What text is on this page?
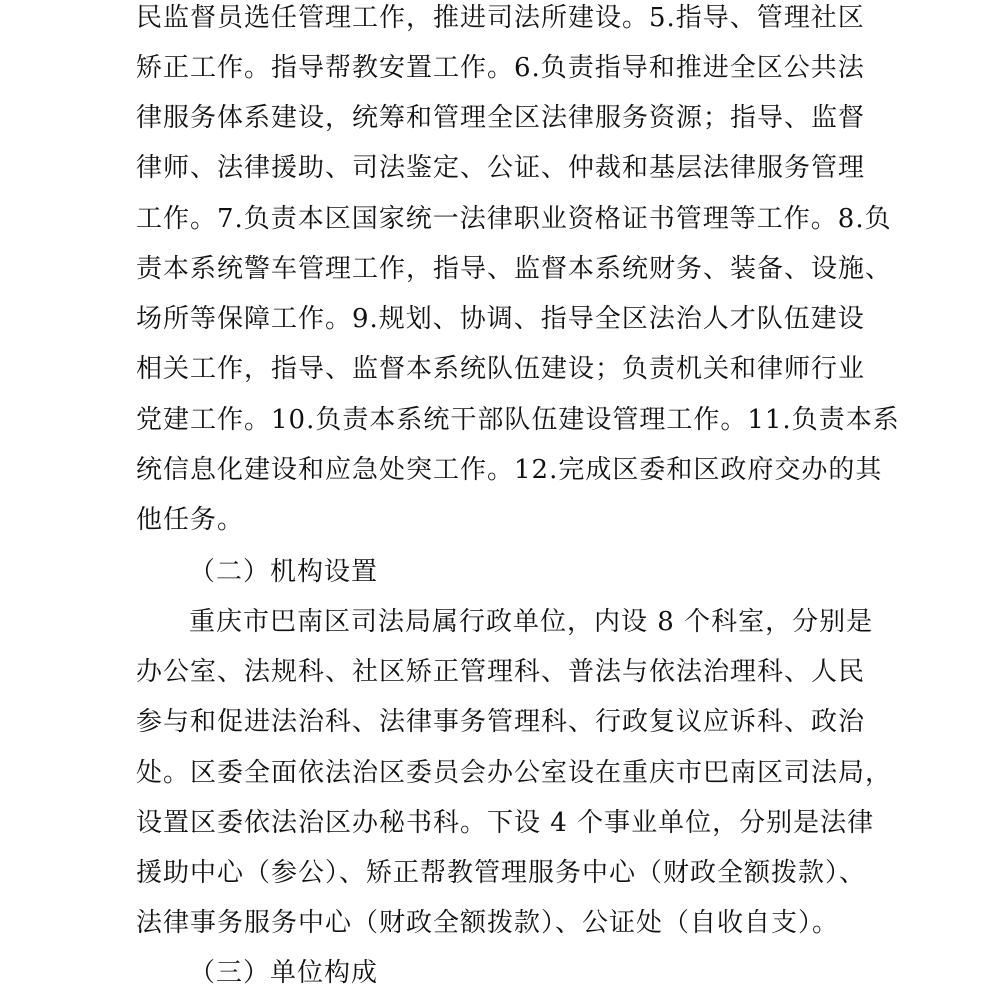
民监督员选任管理工作，推进司法所建设。5.指导、管理社区
矫正工作。指导帮教安置工作。6.负责指导和推进全区公共法
律服务体系建设，统筹和管理全区法律服务资源；指导、监督
律师、法律援助、司法鉴定、公证、仲裁和基层法律服务管理
工作。7.负责本区国家统一法律职业资格证书管理等工作。8.负
责本系统警车管理工作，指导、监督本系统财务、装备、设施、
场所等保障工作。9.规划、协调、指导全区法治人才队伍建设
相关工作，指导、监督本系统队伍建设；负责机关和律师行业
党建工作。10.负责本系统干部队伍建设管理工作。11.负责本系
统信息化建设和应急处突工作。12.完成区委和区政府交办的其
他任务。
（二）机构设置
重庆市巴南区司法局属行政单位，内设 8 个科室，分别是
办公室、法规科、社区矫正管理科、普法与依法治理科、人民
参与和促进法治科、法律事务管理科、行政复议应诉科、政治
处。区委全面依法治区委员会办公室设在重庆市巴南区司法局，
设置区委依法治区办秘书科。下设 4 个事业单位，分别是法律
援助中心（参公）、矫正帮教管理服务中心（财政全额拨款）、
法律事务服务中心（财政全额拨款）、公证处（自收自支）。
（三）单位构成
